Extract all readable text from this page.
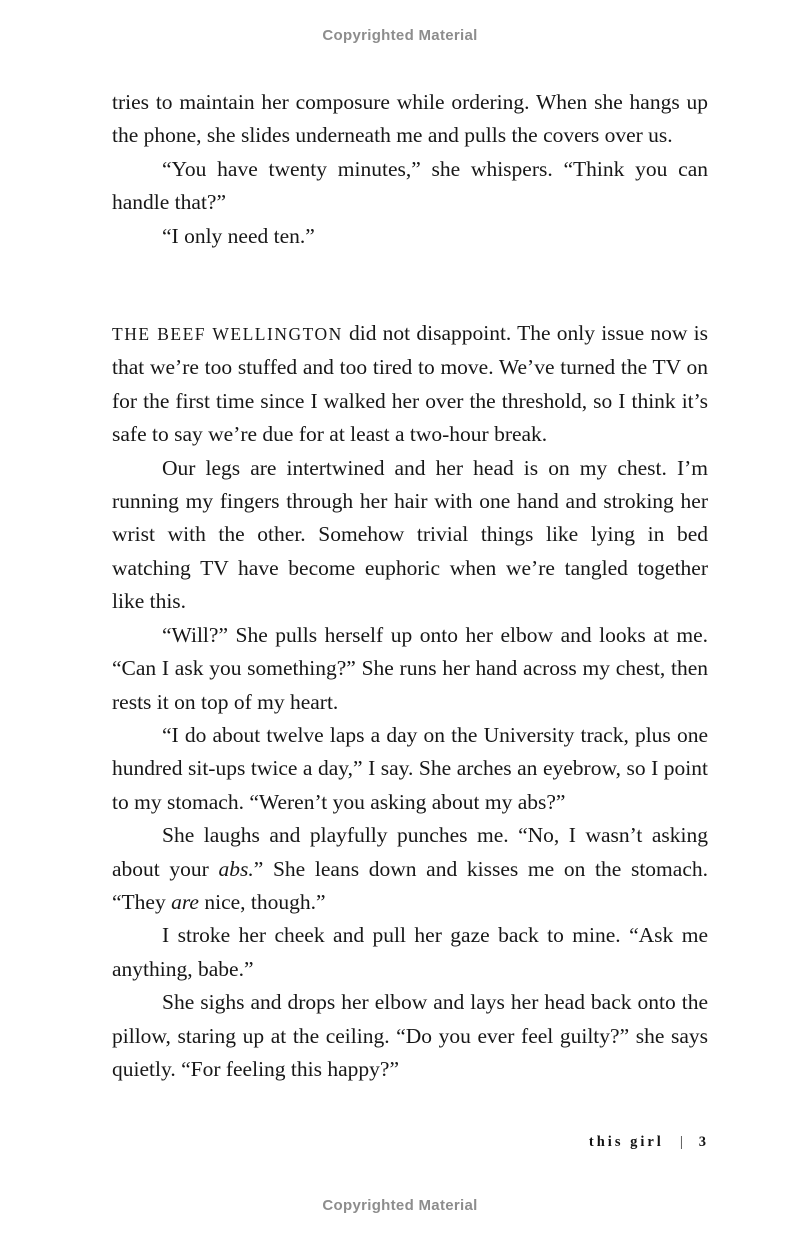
Copyrighted Material

tries to maintain her composure while ordering. When she hangs up the phone, she slides underneath me and pulls the covers over us.

“You have twenty minutes,” she whispers. “Think you can handle that?”

“I only need ten.”

THE BEEF WELLINGTON did not disappoint. The only issue now is that we’re too stuffed and too tired to move. We’ve turned the TV on for the first time since I walked her over the threshold, so I think it’s safe to say we’re due for at least a two-hour break.

Our legs are intertwined and her head is on my chest. I’m running my fingers through her hair with one hand and stroking her wrist with the other. Somehow trivial things like lying in bed watching TV have become euphoric when we’re tangled together like this.

“Will?” She pulls herself up onto her elbow and looks at me. “Can I ask you something?” She runs her hand across my chest, then rests it on top of my heart.

“I do about twelve laps a day on the University track, plus one hundred sit-ups twice a day,” I say. She arches an eyebrow, so I point to my stomach. “Weren’t you asking about my abs?”

She laughs and playfully punches me. “No, I wasn’t asking about your abs.” She leans down and kisses me on the stomach. “They are nice, though.”

I stroke her cheek and pull her gaze back to mine. “Ask me anything, babe.”

She sighs and drops her elbow and lays her head back onto the pillow, staring up at the ceiling. “Do you ever feel guilty?” she says quietly. “For feeling this happy?”

this girl | 3
Copyrighted Material
